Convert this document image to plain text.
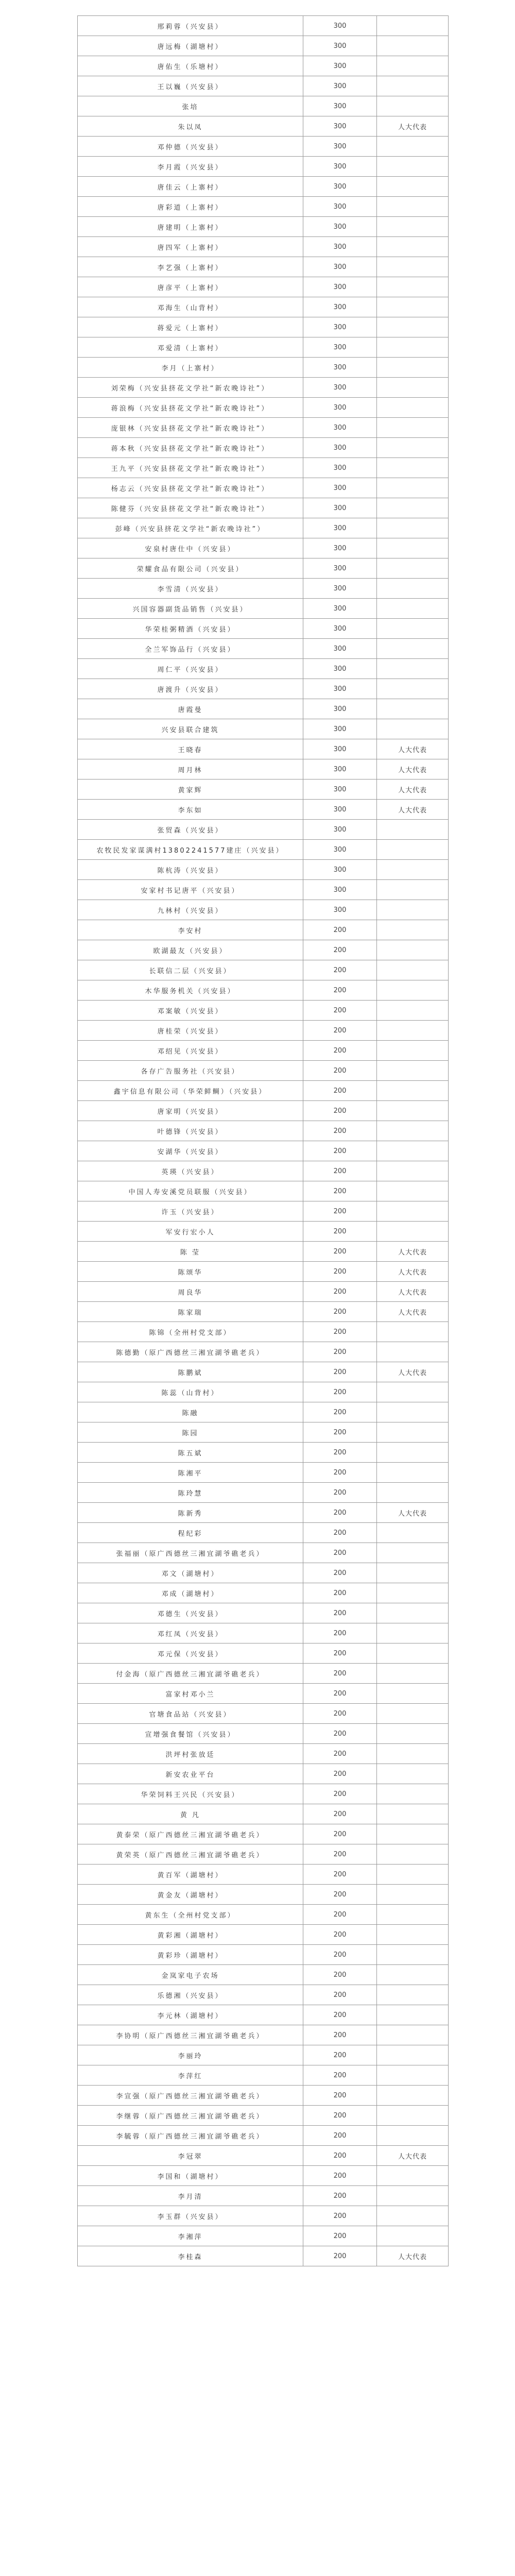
邢莉蓉（兴安县）	300	
唐远梅（湖塘村）	300	
唐佑生（乐塘村）	300	
王以巍（兴安县）	300	
张培	300	
朱以凤	300	人大代表
邓仲德（兴安县）	300	
李月霞（兴安县）	300	
唐佳云（上寨村）	300	
唐彩道（上寨村）	300	
唐建明（上寨村）	300	
唐四军（上寨村）	300	
李艺强（上寨村）	300	
唐彦平（上寨村）	300	
邓海生（山背村）	300	
蒋爱元（上寨村）	300	
邓爱清（上寨村）	300	
李月（上寨村）	300	
刘荣梅（兴安县挤花文学社“新农晚诗社”）	300	
蒋浪梅（兴安县挤花文学社“新农晚诗社”）	300	
庞银林（兴安县挤花文学社“新农晚诗社”）	300	
蒋本秋（兴安县挤花文学社“新农晚诗社”）	300	
王九平（兴安县挤花文学社“新农晚诗社”）	300	
杨志云（兴安县挤花文学社“新农晚诗社”）	300	
陈健芬（兴安县挤花文学社“新农晚诗社”）	300	
彭峰（兴安县挤花文学社“新农晚诗社”）	300	
安泉村唐仕中（兴安县）	300	
荣耀食品有限公司（兴安县）	300	
李雪清（兴安县）	300	
兴国容器副货品销售（兴安县）	300	
华荣桂粥精酒（兴安县）	300	
全兰军饰品行（兴安县）	300	
周仁平（兴安县）	300	
唐渡升（兴安县）	300	
唐霞曼	300	
兴安县联合建筑	300	
王晓春	300	人大代表
周月林	300	人大代表
黄家辉	300	人大代表
李东如	300	人大代表
张贸森（兴安县）	300	
农牧民发家谋满村13802241577建庄（兴安县）	300	
陈杭涛（兴安县）	300	
安家村书记唐平（兴安县）	300	
九林村（兴安县）	300	
李安村	200	
欧湖最友（兴安县）	200	
长联信二层（兴安县）	200	
木华服务机关（兴安县）	200	
邓案敏（兴安县）	200	
唐桂荣（兴安县）	200	
邓绍见（兴安县）	200	
各存广告服务社（兴安县）	200	
鑫宇信息有限公司（华荣鲜鲷）（兴安县）	200	
唐家明（兴安县）	200	
叶德锋（兴安县）	200	
安湖华（兴安县）	200	
英瑛（兴安县）	200	
中国人寿安溪党员联服（兴安县）	200	
许玉（兴安县）	200	
军安行宏小人	200	
陈 莹	200	人大代表
陈颂华	200	人大代表
周良华	200	人大代表
陈家瑞	200	人大代表
陈锦（全州村党支部）	200	
陈德勤（原广西德丝三湘宜湖爷礁老兵）	200	
陈鹏斌	200	人大代表
陈蕊（山背村）	200	
陈融	200	
陈园	200	
陈五斌	200	
陈湘平	200	
陈玲慧	200	
陈新秀	200	人大代表
程纪彩	200	
张福丽（原广西德丝三湘宜湖爷礁老兵）	200	
邓文（湖塘村）	200	
邓成（湖塘村）	200	
邓德生（兴安县）	200	
邓红凤（兴安县）	200	
邓元保（兴安县）	200	
付金海（原广西德丝三湘宜湖爷礁老兵）	200	
富家村邓小兰	200	
官塘食品站（兴安县）	200	
宣增强食餐馆（兴安县）	200	
洪坪村张放廷	200	
新安农业平台	200	
华荣饲料王兴民（兴安县）	200	
黄 凡	200	
黄泰荣（原广西德丝三湘宜湖爷礁老兵）	200	
黄荣英（原广西德丝三湘宜湖爷礁老兵）	200	
黄百军（湖塘村）	200	
黄金友（湖塘村）	200	
黄东生（全州村党支部）	200	
黄彩湘（湖塘村）	200	
黄彩珍（湖塘村）	200	
金岚家电子农场	200	
乐德湘（兴安县）	200	
李元林（湖塘村）	200	
李协明（原广西德丝三湘宜湖爷礁老兵）	200	
李丽玲	200	
李萍红	200	
李宣强（原广西德丝三湘宜湖爷礁老兵）	200	
李继蓉（原广西德丝三湘宜湖爷礁老兵）	200	
李毓蓉（原广西德丝三湘宜湖爷礁老兵）	200	
李冠翠	200	人大代表
李国和（湖塘村）	200	
李月清	200	
李玉群（兴安县）	200	
李湘萍	200	
李桂森	200	人大代表
